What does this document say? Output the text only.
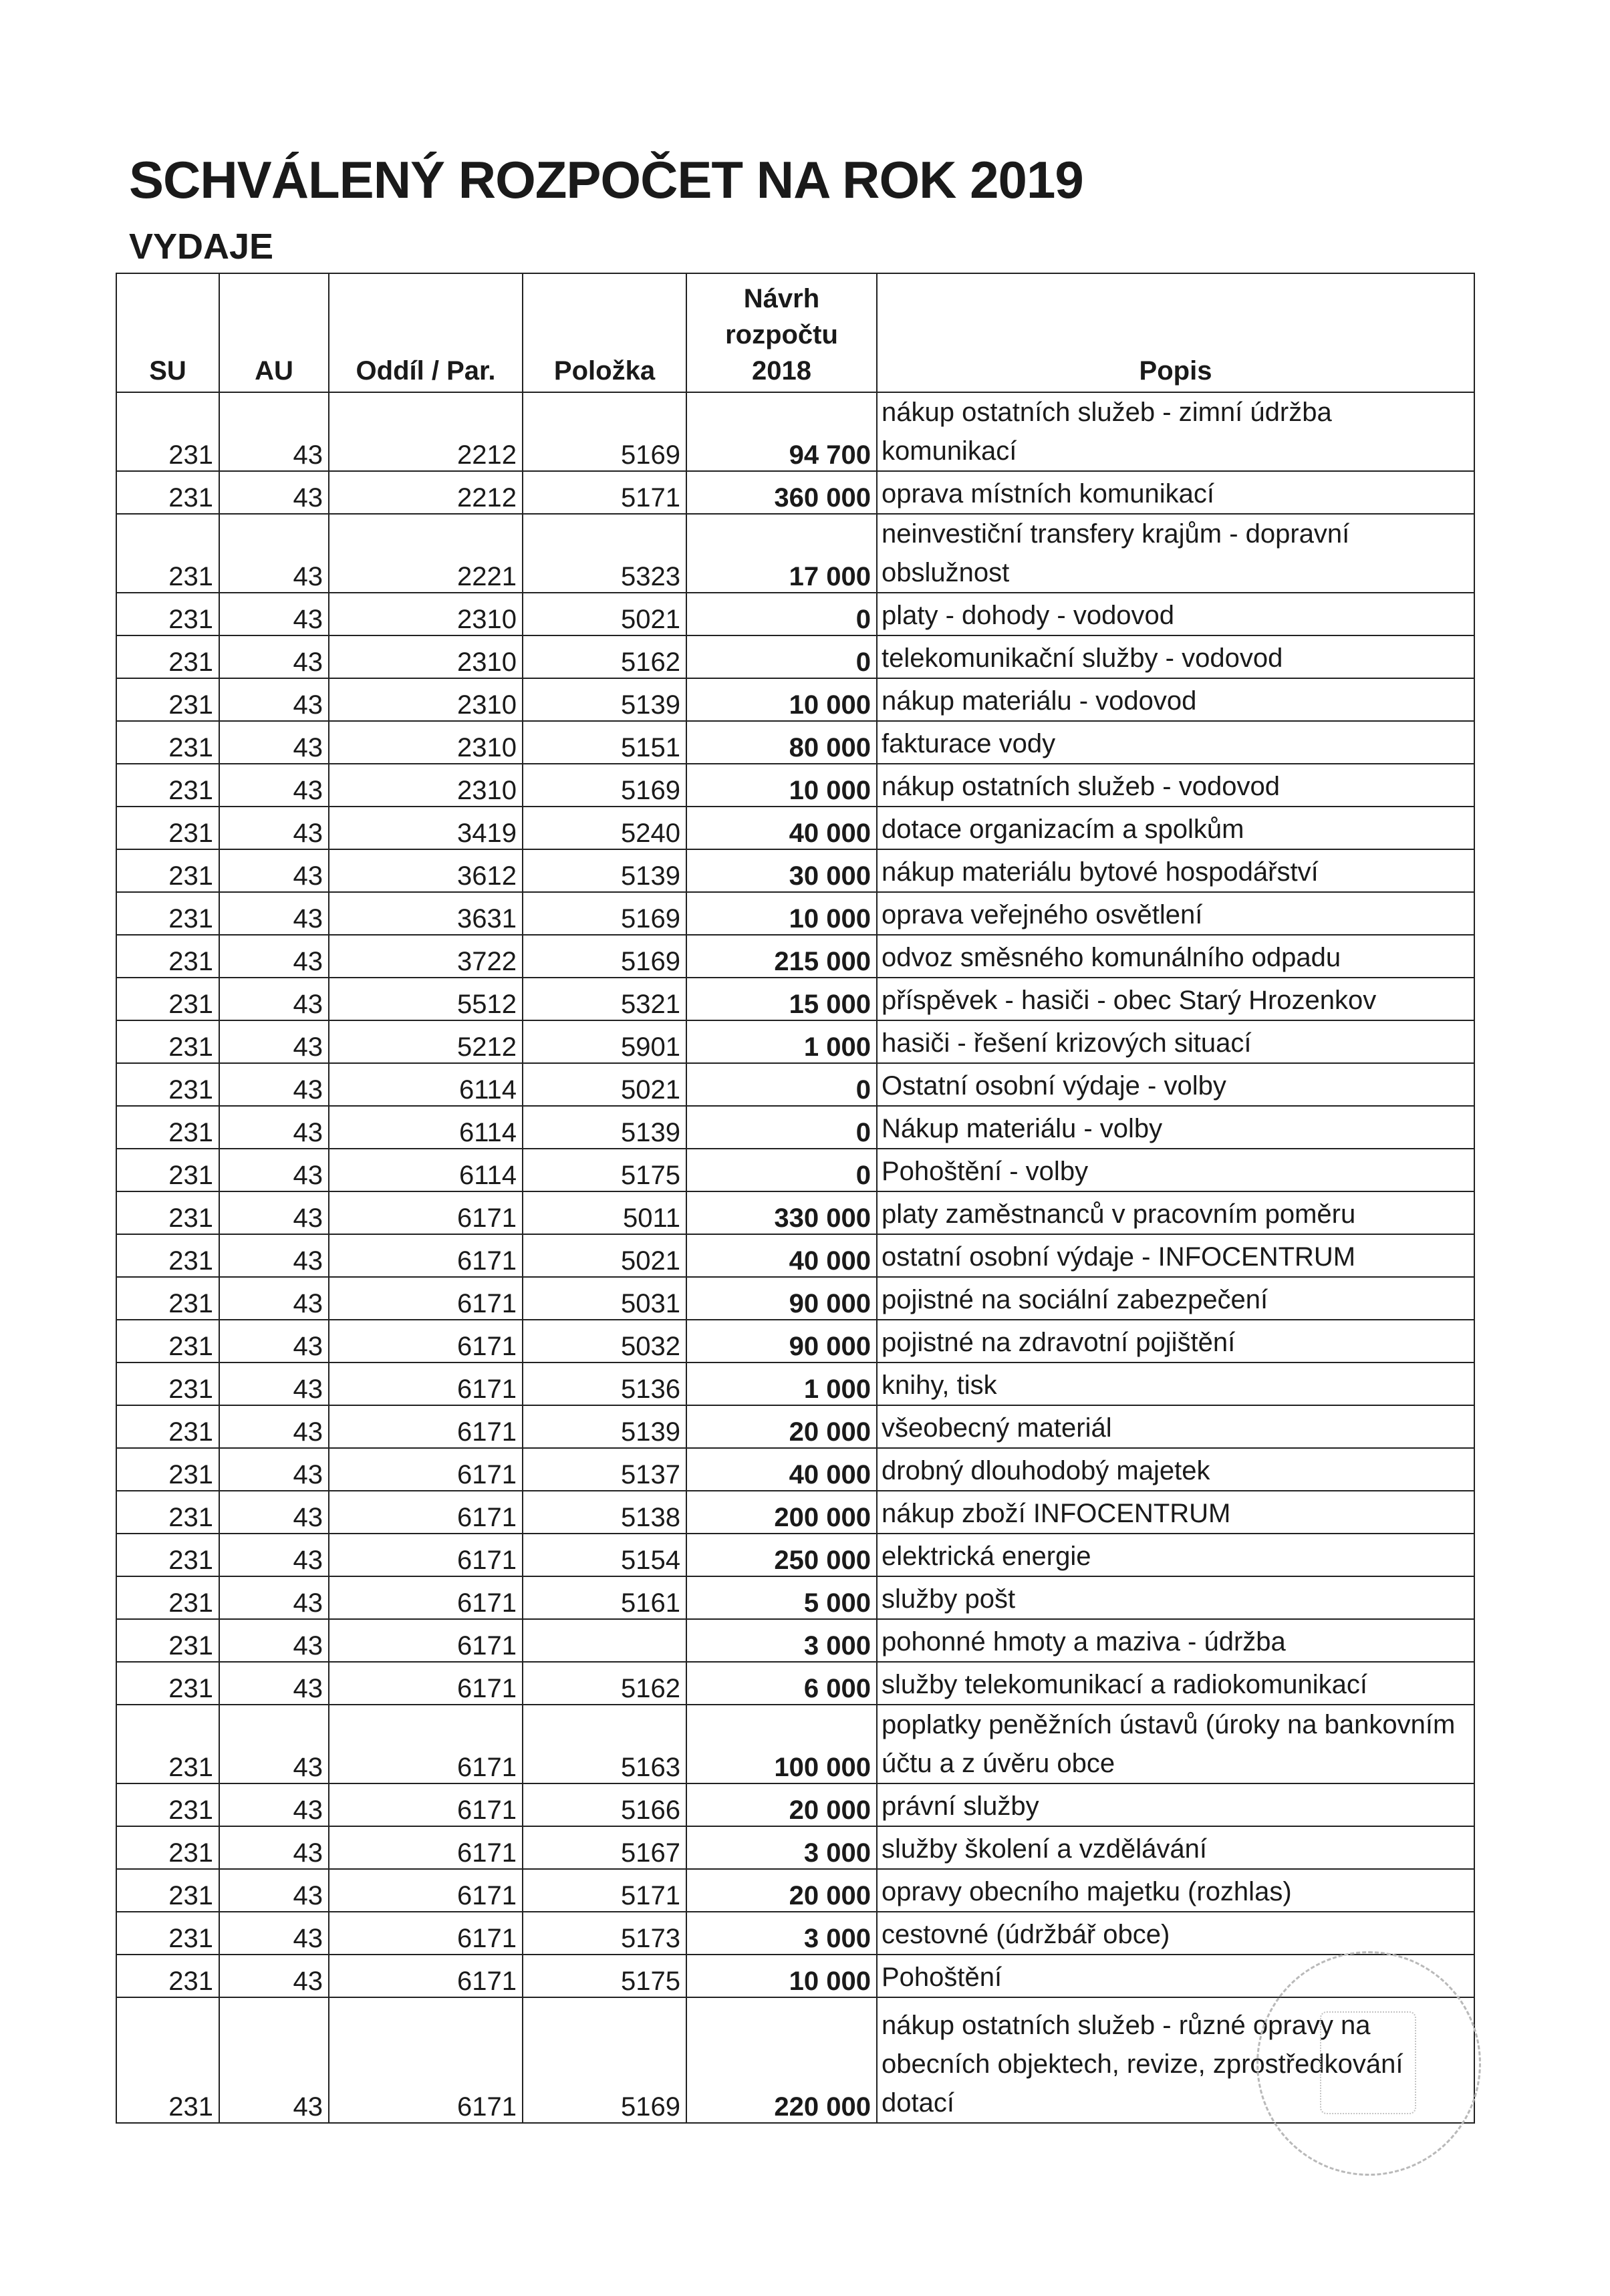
SCHVÁLENÝ ROZPOČET NA ROK 2019
VYDAJE
SU	AU	Oddíl / Par.	Položka	Návrh rozpočtu 2018	Popis
231	43	2212	5169	94 700	nákup ostatních služeb - zimní údržba komunikací
231	43	2212	5171	360 000	oprava místních komunikací
231	43	2221	5323	17 000	neinvestiční transfery krajům - dopravní obslužnost
231	43	2310	5021	0	platy - dohody - vodovod
231	43	2310	5162	0	telekomunikační služby - vodovod
231	43	2310	5139	10 000	nákup materiálu - vodovod
231	43	2310	5151	80 000	fakturace vody
231	43	2310	5169	10 000	nákup ostatních služeb - vodovod
231	43	3419	5240	40 000	dotace organizacím a spolkům
231	43	3612	5139	30 000	nákup materiálu bytové hospodářství
231	43	3631	5169	10 000	oprava veřejného osvětlení
231	43	3722	5169	215 000	odvoz směsného komunálního odpadu
231	43	5512	5321	15 000	příspěvek - hasiči - obec Starý Hrozenkov
231	43	5212	5901	1 000	hasiči - řešení krizových situací
231	43	6114	5021	0	Ostatní osobní výdaje - volby
231	43	6114	5139	0	Nákup materiálu - volby
231	43	6114	5175	0	Pohoštění - volby
231	43	6171	5011	330 000	platy zaměstnanců v pracovním poměru
231	43	6171	5021	40 000	ostatní osobní výdaje - INFOCENTRUM
231	43	6171	5031	90 000	pojistné na sociální zabezpečení
231	43	6171	5032	90 000	pojistné na zdravotní pojištění
231	43	6171	5136	1 000	knihy, tisk
231	43	6171	5139	20 000	všeobecný materiál
231	43	6171	5137	40 000	drobný dlouhodobý majetek
231	43	6171	5138	200 000	nákup zboží INFOCENTRUM
231	43	6171	5154	250 000	elektrická energie
231	43	6171	5161	5 000	služby pošt
231	43	6171		3 000	pohonné hmoty a maziva - údržba
231	43	6171	5162	6 000	služby telekomunikací a radiokomunikací
231	43	6171	5163	100 000	poplatky peněžních ústavů (úroky na bankovním účtu a z úvěru obce
231	43	6171	5166	20 000	právní služby
231	43	6171	5167	3 000	služby školení a vzdělávání
231	43	6171	5171	20 000	opravy obecního majetku (rozhlas)
231	43	6171	5173	3 000	cestovné (údržbář obce)
231	43	6171	5175	10 000	Pohoštění
231	43	6171	5169	220 000	nákup ostatních služeb - různé opravy na obecních objektech, revize, zprostředkování dotací
